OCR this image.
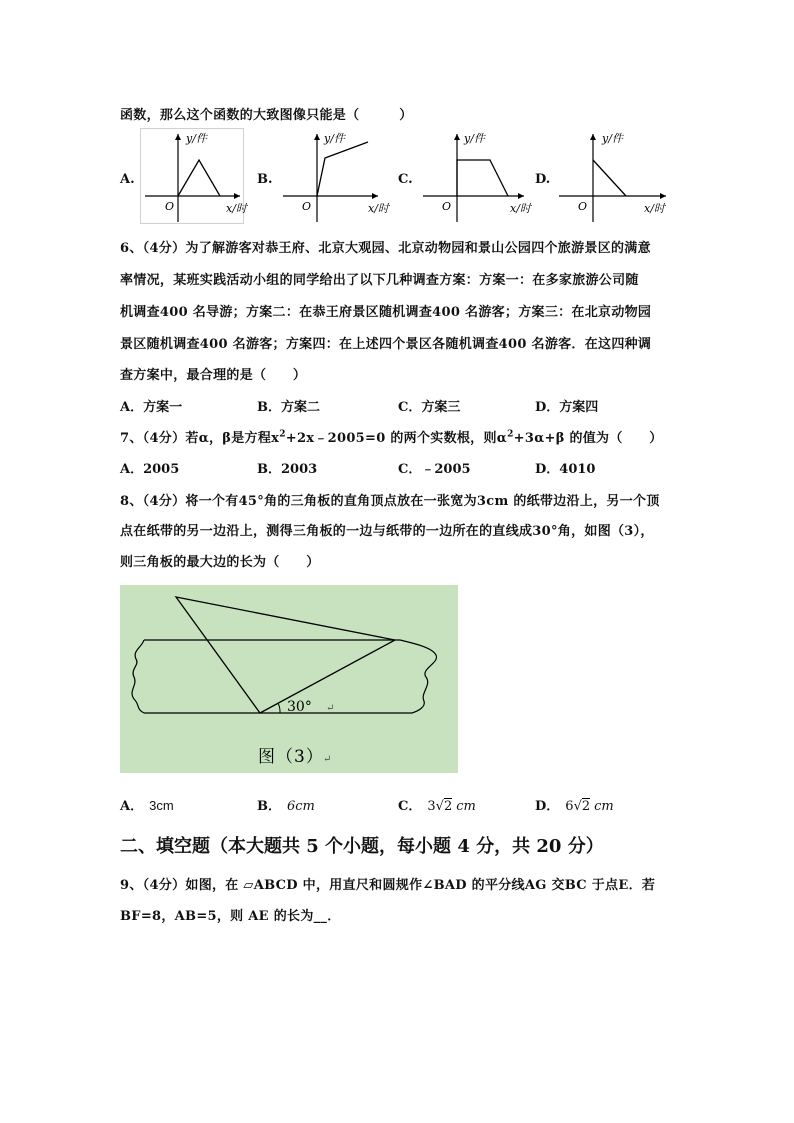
函数，那么这个函数的大致图像只能是（　　　）
A.	B.	C.	D.
y/件
x/时
O
y/件
x/时
O
y/件
x/时
O
y/件
x/时
O
6、（4分）为了解游客对恭王府、北京大观园、北京动物园和景山公园四个旅游景区的满意
率情况，某班实践活动小组的同学给出了以下几种调查方案：方案一：在多家旅游公司随
机调查400 名导游；方案二：在恭王府景区随机调查400 名游客；方案三：在北京动物园
景区随机调查400 名游客；方案四：在上述四个景区各随机调查400 名游客．在这四种调
查方案中，最合理的是（　　）
A．方案一	B．方案二	C．方案三	D．方案四
7、（4分）若α，β是方程$x^2+2x﹣2005=0$ 的两个实数根，则$\alpha^2+3\alpha+\beta$ 的值为（　　）
A．2005	B．2003	C．﹣2005	D．4010
8、（4分）将一个有45°角的三角板的直角顶点放在一张宽为3cm 的纸带边沿上，另一个顶
点在纸带的另一边沿上，测得三角板的一边与纸带的一边所在的直线成30°角，如图（3），
则三角板的最大边的长为（　　）
30° ↵
图（3） ↵
A． 3cm	B． 6cm	C． 3√2 cm	D． 6√2 cm
二、填空题（本大题共 5 个小题，每小题 4 分，共 20 分）
9、（4分）如图，在 ▱ABCD 中，用直尺和圆规作∠BAD 的平分线AG 交BC 于点E．若
BF=8，AB=5，则 AE 的长为__．
